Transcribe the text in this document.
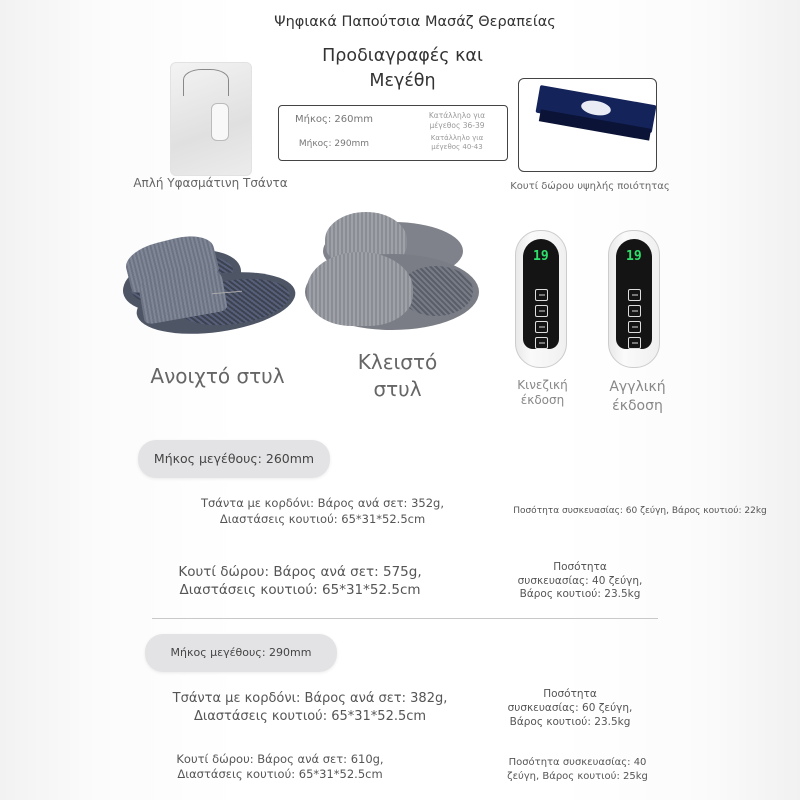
Ψηφιακά Παπούτσια Μασάζ Θεραπείας
Προδιαγραφές και
Μεγέθη
Μήκος: 260mm	Κατάλληλο για
μέγεθος 36-39
Μήκος: 290mm
Κατάλληλο για
μέγεθος 40-43
Απλή Υφασμάτινη Τσάντα	Κουτί δώρου υψηλής ποιότητας
Ανοιχτό στυλ
Κλειστό
στυλ
19	19
Κινεζική
έκδοση
Αγγλική
έκδοση
Μήκος μεγέθους: 260mm
Τσάντα με κορδόνι: Βάρος ανά σετ: 352g,
Διαστάσεις κουτιού: 65*31*52.5cm
Ποσότητα συσκευασίας: 60 ζεύγη, Βάρος κουτιού: 22kg
Κουτί δώρου: Βάρος ανά σετ: 575g,
Διαστάσεις κουτιού: 65*31*52.5cm
Ποσότητα
συσκευασίας: 40 ζεύγη,
Βάρος κουτιού: 23.5kg
Μήκος μεγέθους: 290mm
Τσάντα με κορδόνι: Βάρος ανά σετ: 382g,
Διαστάσεις κουτιού: 65*31*52.5cm
Ποσότητα
συσκευασίας: 60 ζεύγη,
Βάρος κουτιού: 23.5kg
Κουτί δώρου: Βάρος ανά σετ: 610g,
Διαστάσεις κουτιού: 65*31*52.5cm
Ποσότητα συσκευασίας: 40
ζεύγη, Βάρος κουτιού: 25kg
